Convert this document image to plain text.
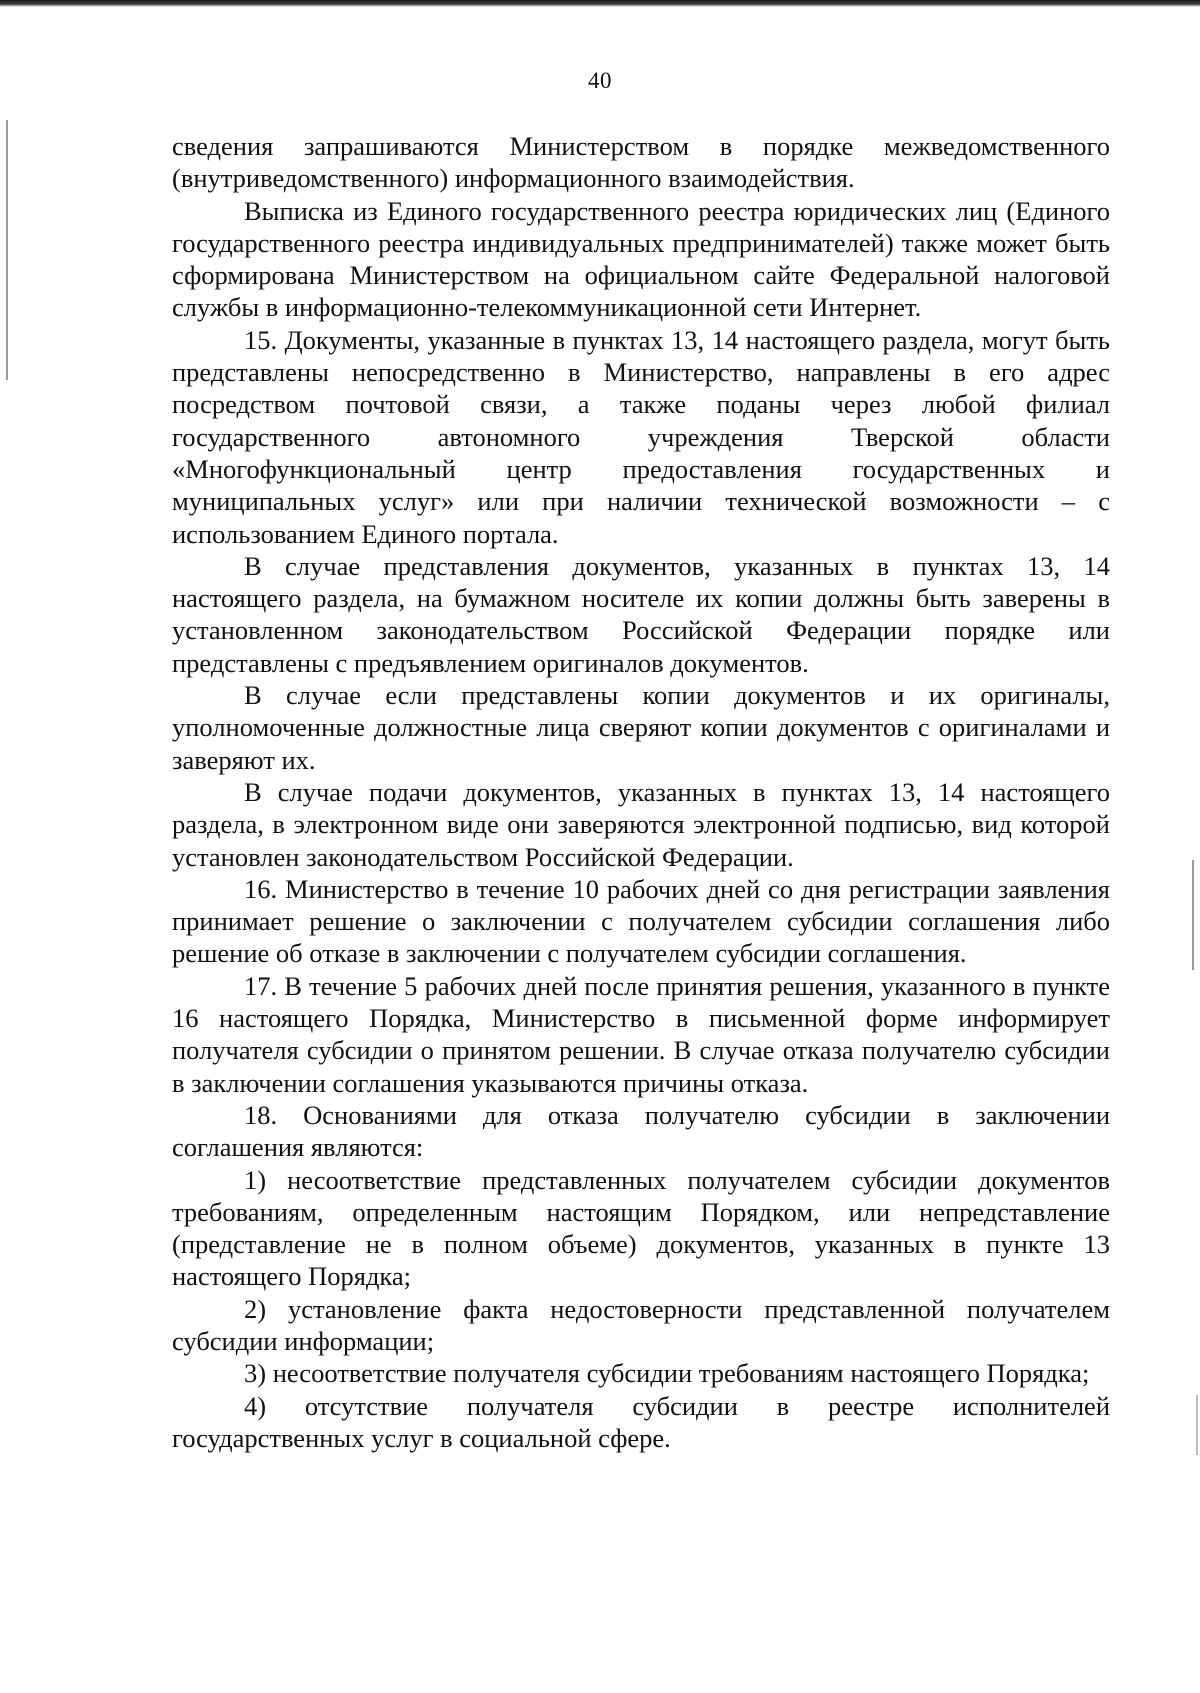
40

сведения запрашиваются Министерством в порядке межведомственного (внутриведомственного) информационного взаимодействия.

Выписка из Единого государственного реестра юридических лиц (Единого государственного реестра индивидуальных предпринимателей) также может быть сформирована Министерством на официальном сайте Федеральной налоговой службы в информационно-телекоммуникационной сети Интернет.

15. Документы, указанные в пунктах 13, 14 настоящего раздела, могут быть представлены непосредственно в Министерство, направлены в его адрес посредством почтовой связи, а также поданы через любой филиал государственного автономного учреждения Тверской области «Многофункциональный центр предоставления государственных и муниципальных услуг» или при наличии технической возможности – с использованием Единого портала.

В случае представления документов, указанных в пунктах 13, 14 настоящего раздела, на бумажном носителе их копии должны быть заверены в установленном законодательством Российской Федерации порядке или представлены с предъявлением оригиналов документов.

В случае если представлены копии документов и их оригиналы, уполномоченные должностные лица сверяют копии документов с оригиналами и заверяют их.

В случае подачи документов, указанных в пунктах 13, 14 настоящего раздела, в электронном виде они заверяются электронной подписью, вид которой установлен законодательством Российской Федерации.

16. Министерство в течение 10 рабочих дней со дня регистрации заявления принимает решение о заключении с получателем субсидии соглашения либо решение об отказе в заключении с получателем субсидии соглашения.

17. В течение 5 рабочих дней после принятия решения, указанного в пункте 16 настоящего Порядка, Министерство в письменной форме информирует получателя субсидии о принятом решении. В случае отказа получателю субсидии в заключении соглашения указываются причины отказа.

18. Основаниями для отказа получателю субсидии в заключении соглашения являются:

1) несоответствие представленных получателем субсидии документов требованиям, определенным настоящим Порядком, или непредставление (представление не в полном объеме) документов, указанных в пункте 13 настоящего Порядка;

2) установление факта недостоверности представленной получателем субсидии информации;

3) несоответствие получателя субсидии требованиям настоящего Порядка;

4) отсутствие получателя субсидии в реестре исполнителей государственных услуг в социальной сфере.
